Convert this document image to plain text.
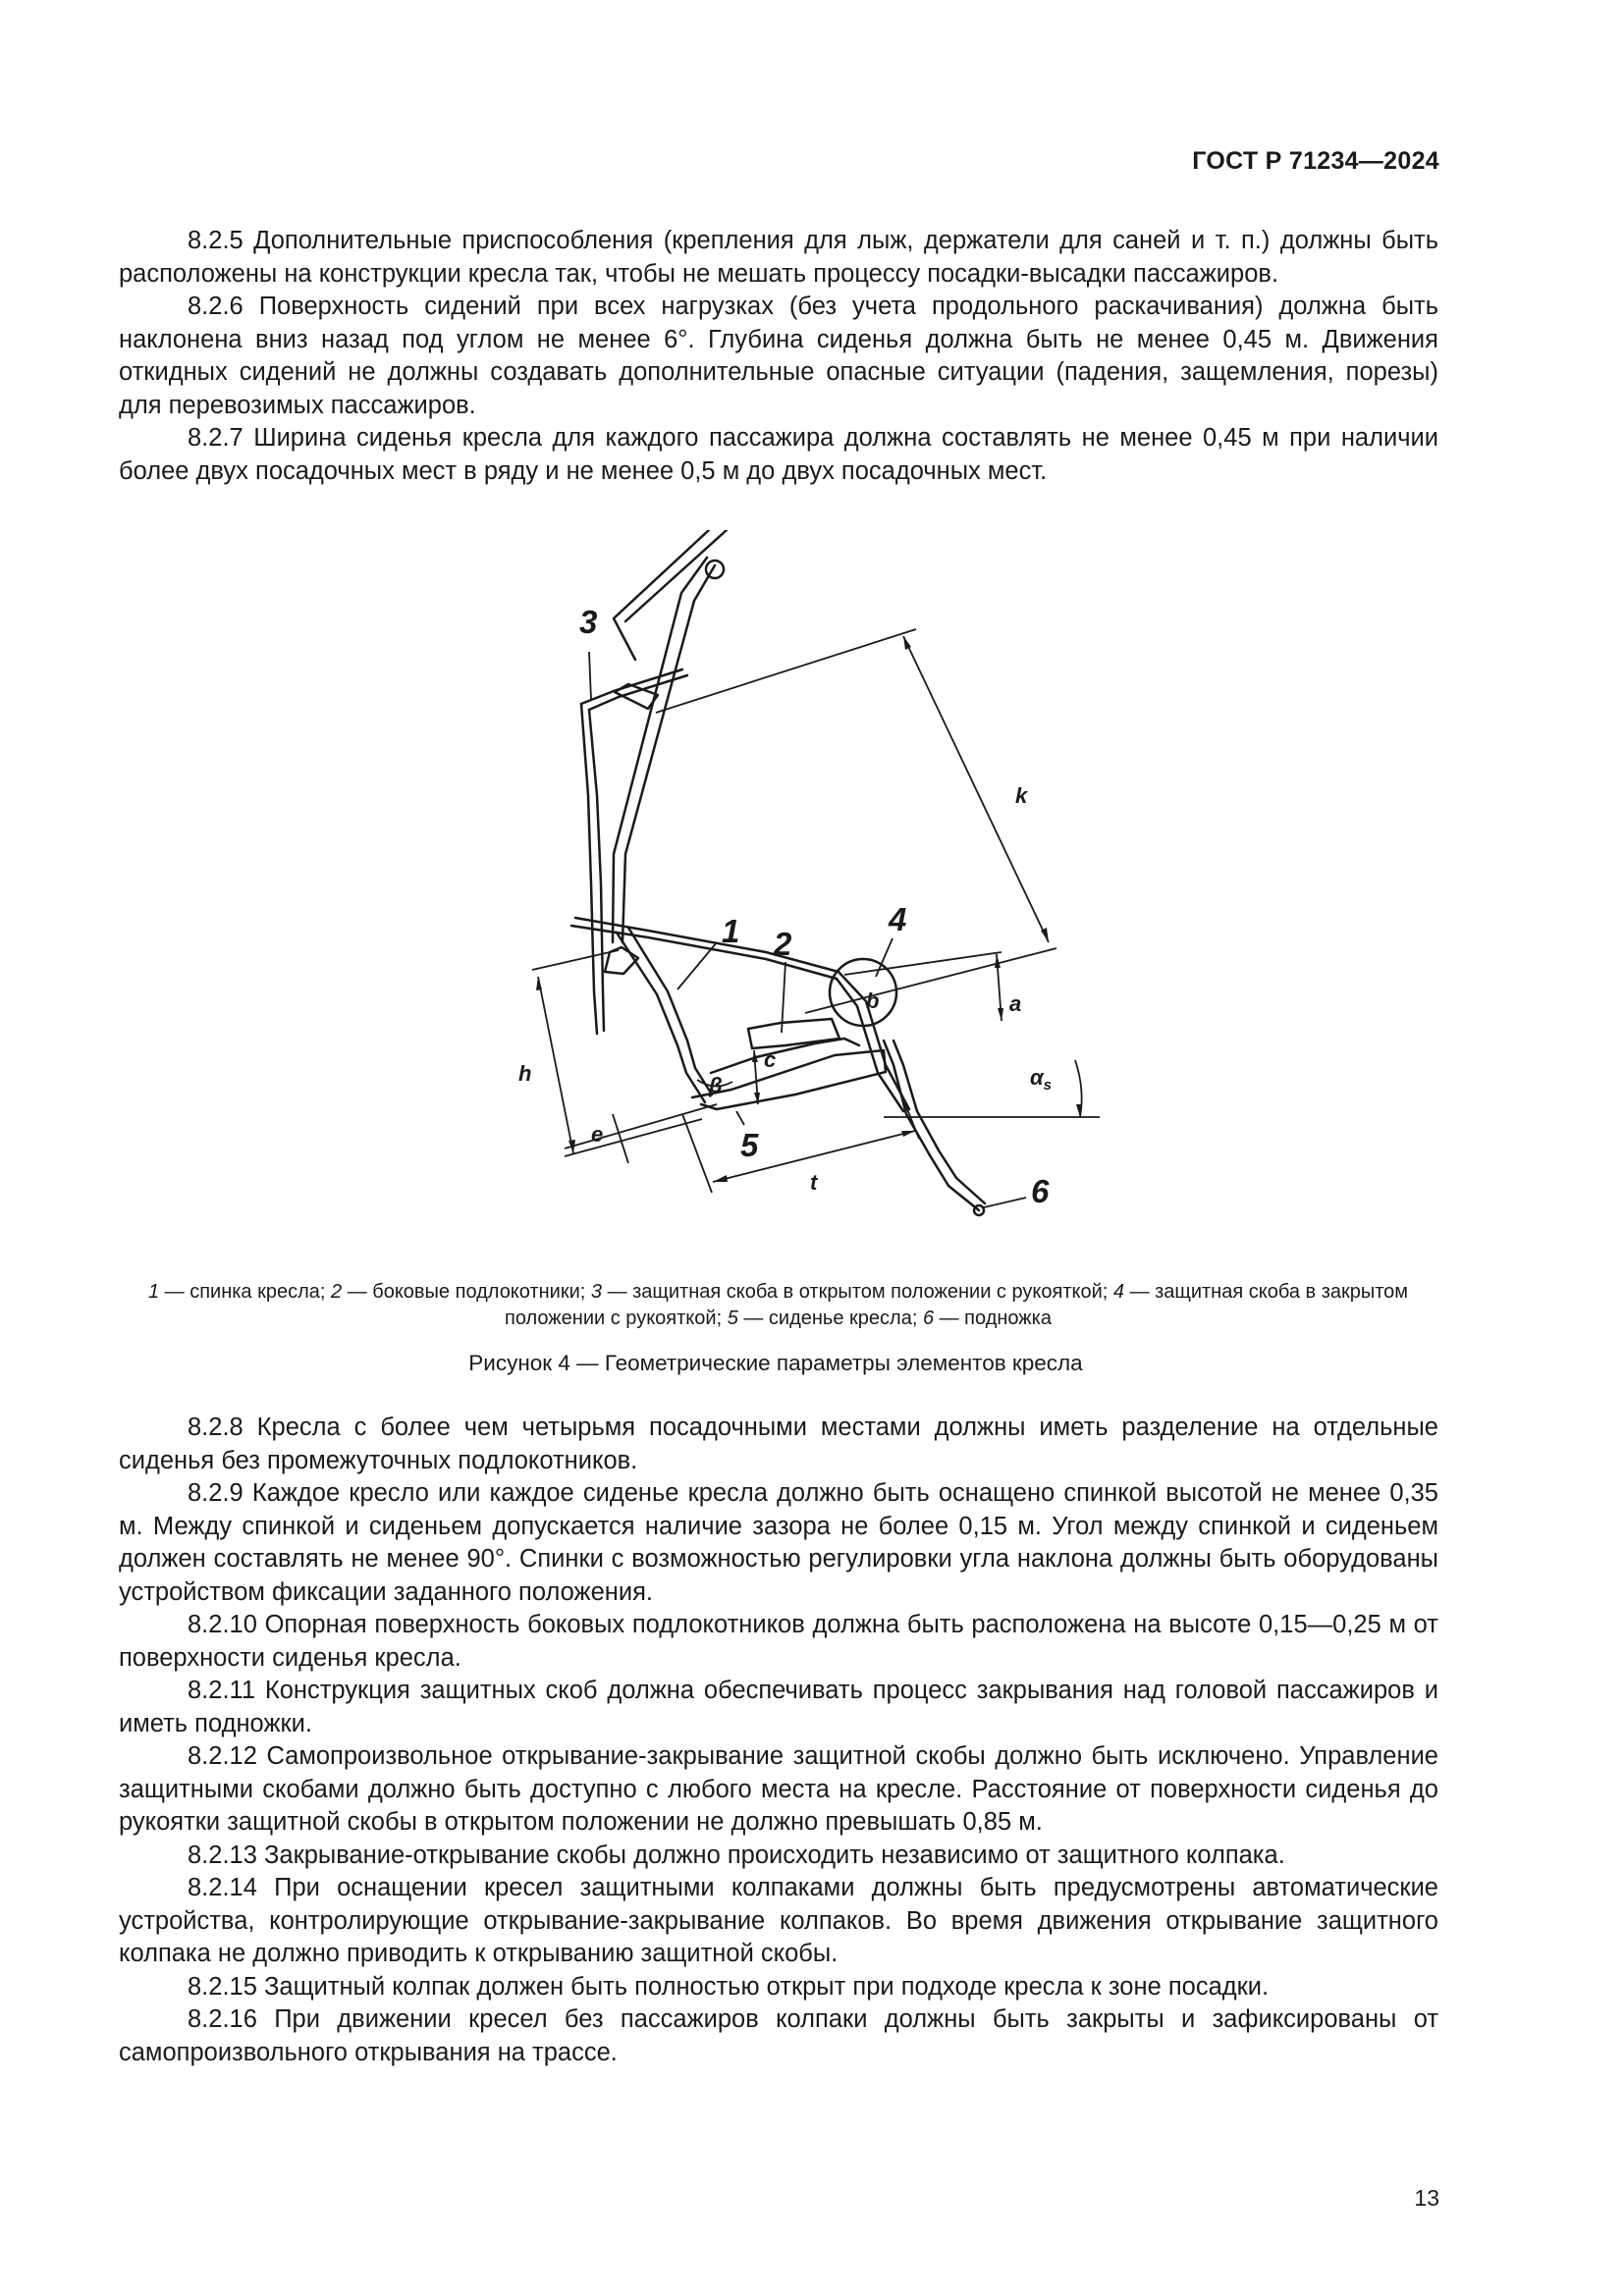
ГОСТ Р 71234—2024

8.2.5 Дополнительные приспособления (крепления для лыж, держатели для саней и т. п.) должны быть расположены на конструкции кресла так, чтобы не мешать процессу посадки-высадки пассажиров.

8.2.6 Поверхность сидений при всех нагрузках (без учета продольного раскачивания) должна быть наклонена вниз назад под углом не менее 6°. Глубина сиденья должна быть не менее 0,45 м. Движения откидных сидений не должны создавать дополнительные опасные ситуации (падения, защемления, порезы) для перевозимых пассажиров.

8.2.7 Ширина сиденья кресла для каждого пассажира должна составлять не менее 0,45 м при наличии более двух посадочных мест в ряду и не менее 0,5 м до двух посадочных мест.

3
1 2
4
5
6
k
a
b
c
h
e
t
β	$\alpha_s$
1 — спинка кресла; 2 — боковые подлокотники; 3 — защитная скоба в открытом положении с рукояткой; 4 — защитная скоба в закрытом положении с рукояткой; 5 — сиденье кресла; 6 — подножка
Рисунок 4 — Геометрические параметры элементов кресла

8.2.8 Кресла с более чем четырьмя посадочными местами должны иметь разделение на отдельные сиденья без промежуточных подлокотников.

8.2.9 Каждое кресло или каждое сиденье кресла должно быть оснащено спинкой высотой не менее 0,35 м. Между спинкой и сиденьем допускается наличие зазора не более 0,15 м. Угол между спинкой и сиденьем должен составлять не менее 90°. Спинки с возможностью регулировки угла наклона должны быть оборудованы устройством фиксации заданного положения.

8.2.10 Опорная поверхность боковых подлокотников должна быть расположена на высоте 0,15—0,25 м от поверхности сиденья кресла.

8.2.11 Конструкция защитных скоб должна обеспечивать процесс закрывания над головой пассажиров и иметь подножки.

8.2.12 Самопроизвольное открывание-закрывание защитной скобы должно быть исключено. Управление защитными скобами должно быть доступно с любого места на кресле. Расстояние от поверхности сиденья до рукоятки защитной скобы в открытом положении не должно превышать 0,85 м.

8.2.13 Закрывание-открывание скобы должно происходить независимо от защитного колпака.

8.2.14 При оснащении кресел защитными колпаками должны быть предусмотрены автоматические устройства, контролирующие открывание-закрывание колпаков. Во время движения открывание защитного колпака не должно приводить к открыванию защитной скобы.

8.2.15 Защитный колпак должен быть полностью открыт при подходе кресла к зоне посадки.

8.2.16 При движении кресел без пассажиров колпаки должны быть закрыты и зафиксированы от самопроизвольного открывания на трассе.

13
